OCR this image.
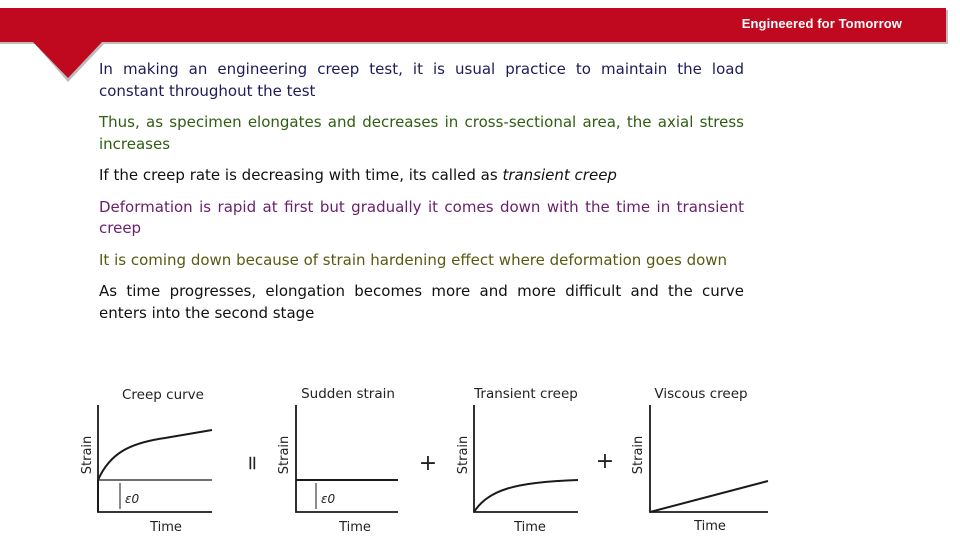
Engineered for Tomorrow

In making an engineering creep test, it is usual practice to maintain the load constant throughout the test

Thus, as specimen elongates and decreases in cross-sectional area, the axial stress increases

If the creep rate is decreasing with time, its called as transient creep

Deformation is rapid at first but gradually it comes down with the time in transient creep

It is coming down because of strain hardening effect where deformation goes down

As time progresses, elongation becomes more and more difficult and the curve enters into the second stage

Creep curve	Sudden strain	Transient creep	Viscous creep
Strain	Strain	Strain	Strain
Time	Time	Time	Time
ε0	ε0
=	+	+
